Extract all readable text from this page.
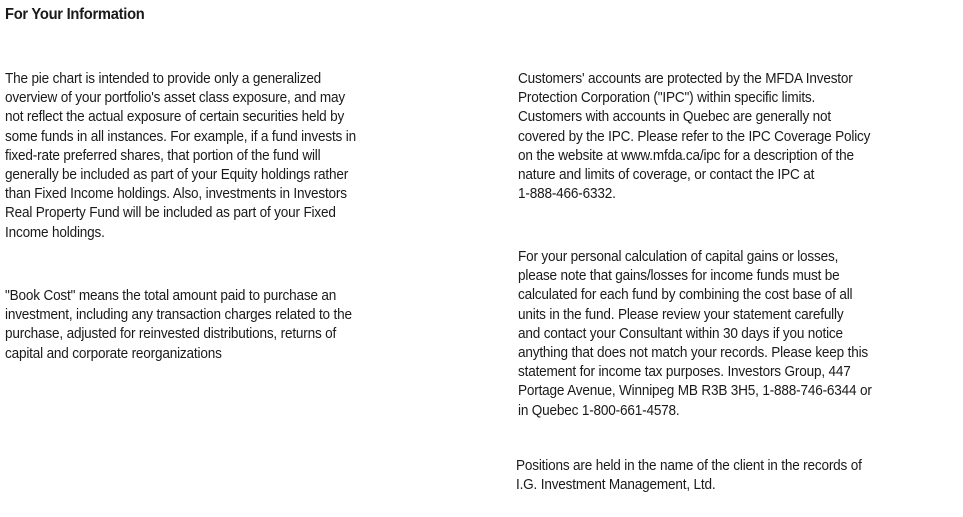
For Your Information

The pie chart is intended to provide only a generalized
overview of your portfolio's asset class exposure, and may
not reflect the actual exposure of certain securities held by
some funds in all instances. For example, if a fund invests in
fixed-rate preferred shares, that portion of the fund will
generally be included as part of your Equity holdings rather
than Fixed Income holdings. Also, investments in Investors
Real Property Fund will be included as part of your Fixed
Income holdings.

"Book Cost" means the total amount paid to purchase an
investment, including any transaction charges related to the
purchase, adjusted for reinvested distributions, returns of
capital and corporate reorganizations

Customers' accounts are protected by the MFDA Investor
Protection Corporation ("IPC") within specific limits.
Customers with accounts in Quebec are generally not
covered by the IPC. Please refer to the IPC Coverage Policy
on the website at www.mfda.ca/ipc for a description of the
nature and limits of coverage, or contact the IPC at
1-888-466-6332.

For your personal calculation of capital gains or losses,
please note that gains/losses for income funds must be
calculated for each fund by combining the cost base of all
units in the fund. Please review your statement carefully
and contact your Consultant within 30 days if you notice
anything that does not match your records. Please keep this
statement for income tax purposes. Investors Group, 447
Portage Avenue, Winnipeg MB R3B 3H5, 1-888-746-6344 or
in Quebec 1-800-661-4578.

Positions are held in the name of the client in the records of
I.G. Investment Management, Ltd.
